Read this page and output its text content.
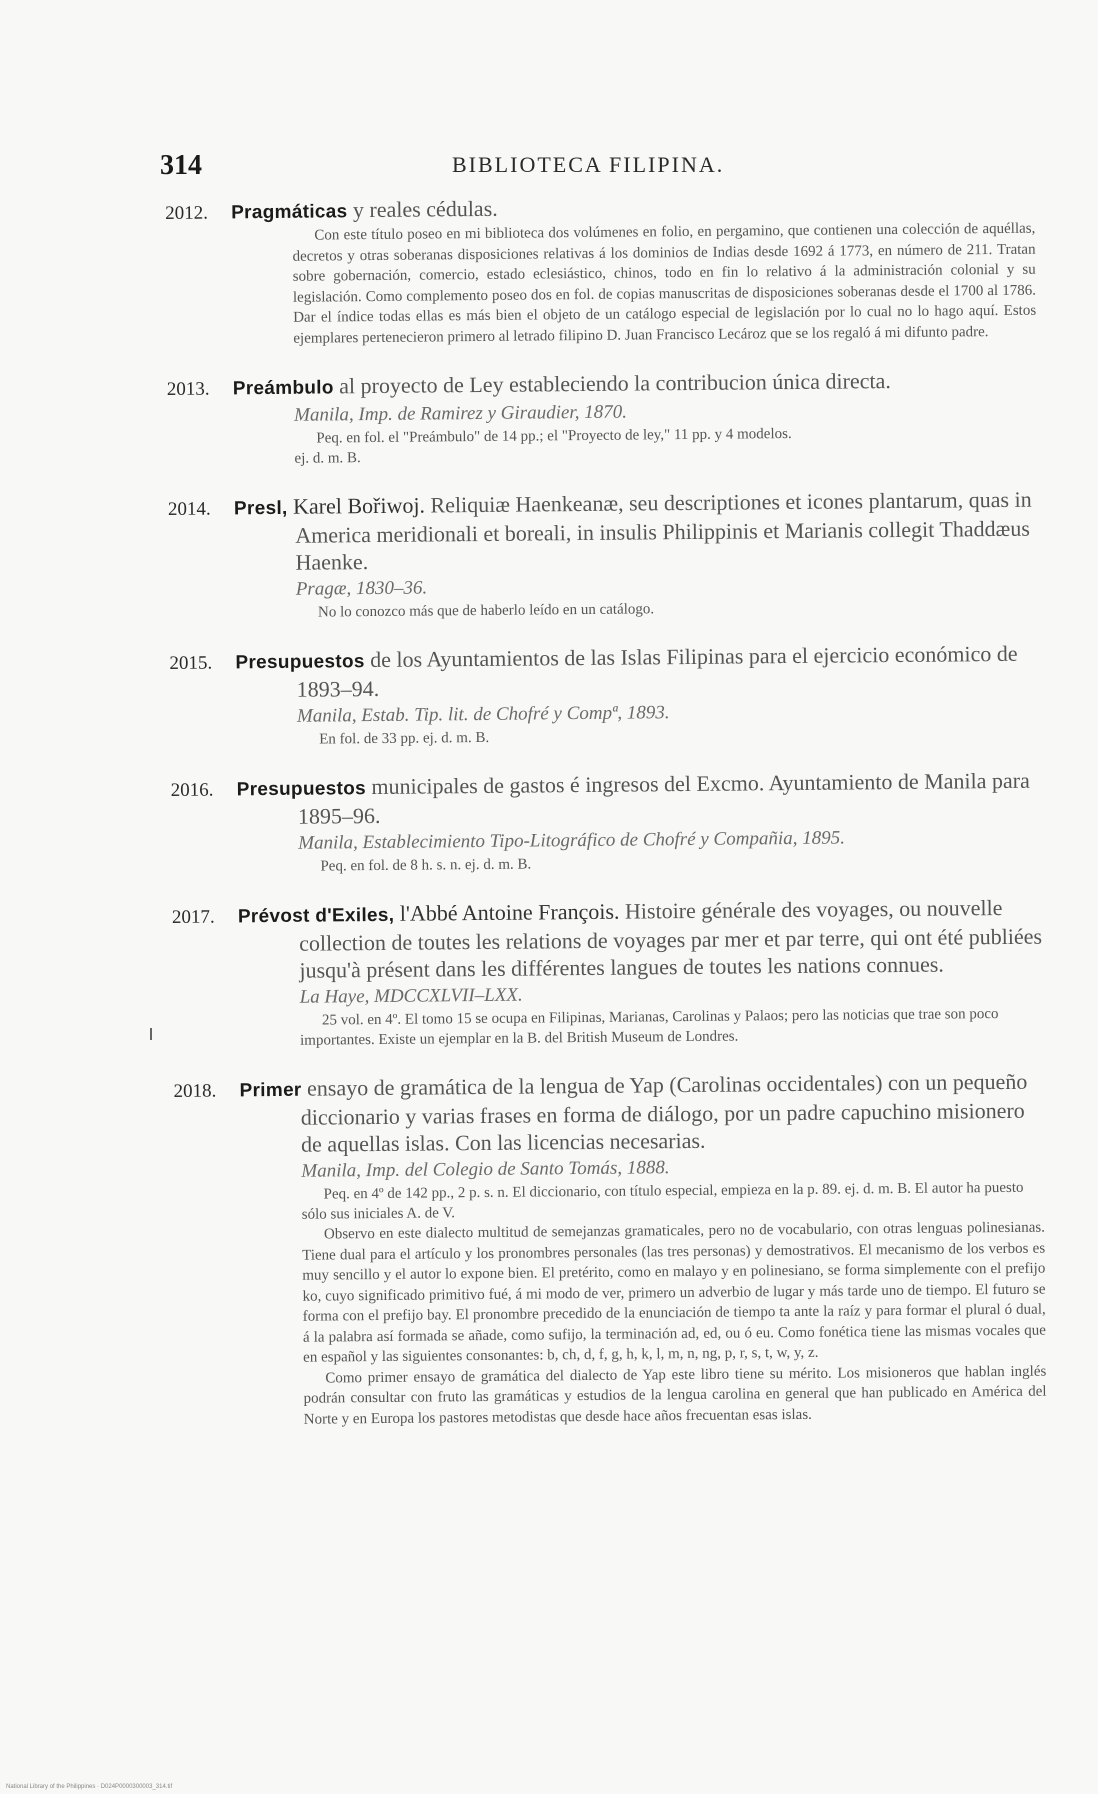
314	BIBLIOTECA FILIPINA.
2012. Pragmáticas y reales cédulas.
Con este título poseo en mi biblioteca dos volúmenes en folio, en pergamino, que contienen una colección de aquéllas, decretos y otras soberanas disposiciones relativas á los dominios de Indias desde 1692 á 1773, en número de 211. Tratan sobre gobernación, comercio, estado eclesiástico, chinos, todo en fin lo relativo á la administración colonial y su legislación. Como complemento poseo dos en fol. de copias manuscritas de disposiciones soberanas desde el 1700 al 1786. Dar el índice todas ellas es más bien el objeto de un catálogo especial de legislación por lo cual no lo hago aquí. Estos ejemplares pertenecieron primero al letrado filipino D. Juan Francisco Lecároz que se los regaló á mi difunto padre.
2013. Preámbulo al proyecto de Ley estableciendo la contribucion única directa.
Manila, Imp. de Ramirez y Giraudier, 1870.
Peq. en fol. el "Preámbulo" de 14 pp.; el "Proyecto de ley," 11 pp. y 4 modelos.
ej. d. m. B.
2014. Presl, Karel Bořiwoj. Reliquiæ Haenkeanæ, seu descriptiones et icones plantarum, quas in America meridionali et boreali, in insulis Philippinis et Marianis collegit Thaddæus Haenke.
Pragæ, 1830–36.
No lo conozco más que de haberlo leído en un catálogo.
2015. Presupuestos de los Ayuntamientos de las Islas Filipinas para el ejercicio económico de 1893–94.
Manila, Estab. Tip. lit. de Chofré y Compª, 1893.
En fol. de 33 pp. ej. d. m. B.
2016. Presupuestos municipales de gastos é ingresos del Excmo. Ayuntamiento de Manila para 1895–96.
Manila, Establecimiento Tipo-Litográfico de Chofré y Compañia, 1895.
Peq. en fol. de 8 h. s. n. ej. d. m. B.
2017. Prévost d'Exiles, l'Abbé Antoine François. Histoire générale des voyages, ou nouvelle collection de toutes les relations de voyages par mer et par terre, qui ont été publiées jusqu'à présent dans les différentes langues de toutes les nations connues.
La Haye, MDCCXLVII–LXX.
25 vol. en 4º. El tomo 15 se ocupa en Filipinas, Marianas, Carolinas y Palaos; pero las noticias que trae son poco importantes. Existe un ejemplar en la B. del British Museum de Londres.
2018. Primer ensayo de gramática de la lengua de Yap (Carolinas occidentales) con un pequeño diccionario y varias frases en forma de diálogo, por un padre capuchino misionero de aquellas islas. Con las licencias necesarias.
Manila, Imp. del Colegio de Santo Tomás, 1888.
Peq. en 4º de 142 pp., 2 p. s. n. El diccionario, con título especial, empieza en la p. 89. ej. d. m. B. El autor ha puesto sólo sus iniciales A. de V.
Observo en este dialecto multitud de semejanzas gramaticales, pero no de vocabulario, con otras lenguas polinesianas. Tiene dual para el artículo y los pronombres personales (las tres personas) y demostrativos. El mecanismo de los verbos es muy sencillo y el autor lo expone bien. El pretérito, como en malayo y en polinesiano, se forma simplemente con el prefijo ko, cuyo significado primitivo fué, á mi modo de ver, primero un adverbio de lugar y más tarde uno de tiempo. El futuro se forma con el prefijo bay. El pronombre precedido de la enunciación de tiempo ta ante la raíz y para formar el plural ó dual, á la palabra así formada se añade, como sufijo, la terminación ad, ed, ou ó eu. Como fonética tiene las mismas vocales que en español y las siguientes consonantes: b, ch, d, f, g, h, k, l, m, n, ng, p, r, s, t, w, y, z.
Como primer ensayo de gramática del dialecto de Yap este libro tiene su mérito. Los misioneros que hablan inglés podrán consultar con fruto las gramáticas y estudios de la lengua carolina en general que han publicado en América del Norte y en Europa los pastores metodistas que desde hace años frecuentan esas islas.
National Library of the Philippines · D024P0000300003_314.tif
